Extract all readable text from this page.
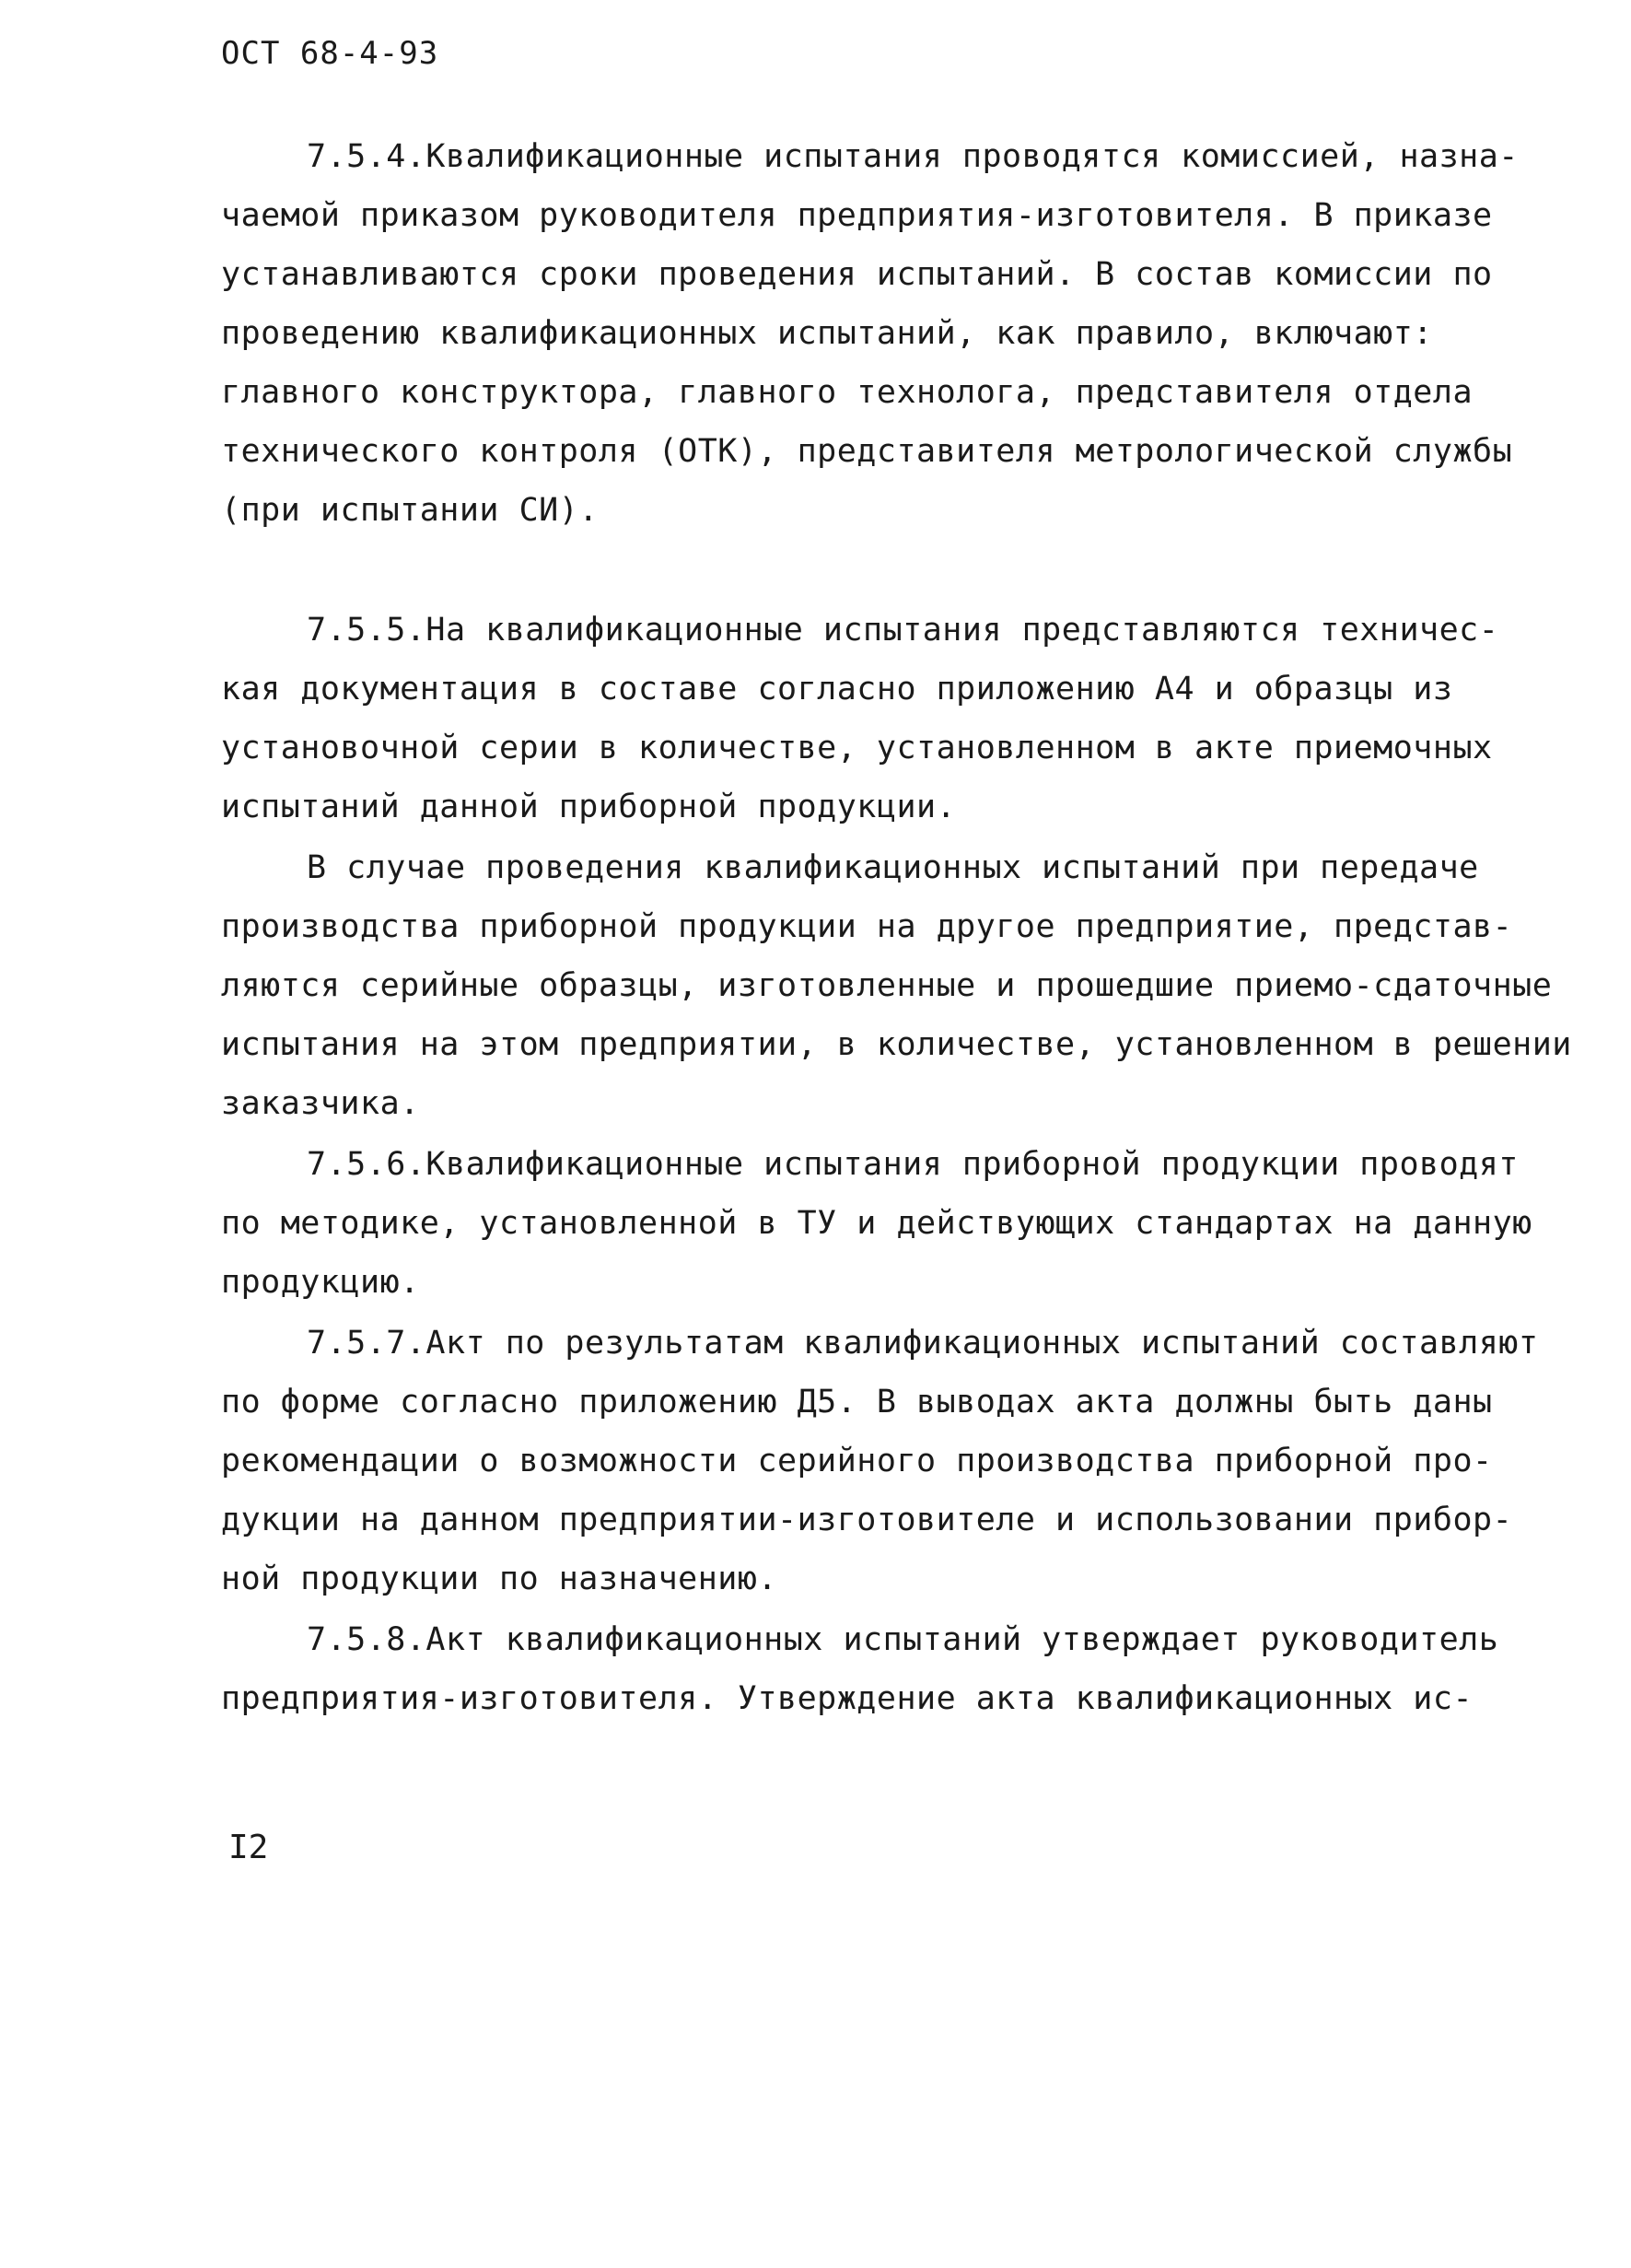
ОСТ 68-4-93
7.5.4.Квалификационные испытания проводятся комиссией, назна-
чаемой приказом руководителя предприятия-изготовителя. В приказе
устанавливаются сроки проведения испытаний. В состав комиссии по
проведению квалификационных испытаний, как правило, включают:
главного конструктора, главного технолога, представителя отдела
технического контроля (ОТК), представителя метрологической службы
(при испытании СИ).
7.5.5.На квалификационные испытания представляются техничес-
кая документация в составе согласно приложению А4 и образцы из
установочной серии в количестве, установленном в акте приемочных
испытаний данной приборной продукции.
В случае проведения квалификационных испытаний при передаче
производства приборной продукции на другое предприятие, представ-
ляются серийные образцы, изготовленные и прошедшие приемо-сдаточные
испытания на этом предприятии, в количестве, установленном в решении
заказчика.
7.5.6.Квалификационные испытания приборной продукции проводят
по методике, установленной в ТУ и действующих стандартах на данную
продукцию.
7.5.7.Акт по результатам квалификационных испытаний составляют
по форме согласно приложению Д5. В выводах акта должны быть даны
рекомендации о возможности серийного производства приборной про-
дукции на данном предприятии-изготовителе и использовании прибор-
ной продукции по назначению.
7.5.8.Акт квалификационных испытаний утверждает руководитель
предприятия-изготовителя. Утверждение акта квалификационных ис-
I2
